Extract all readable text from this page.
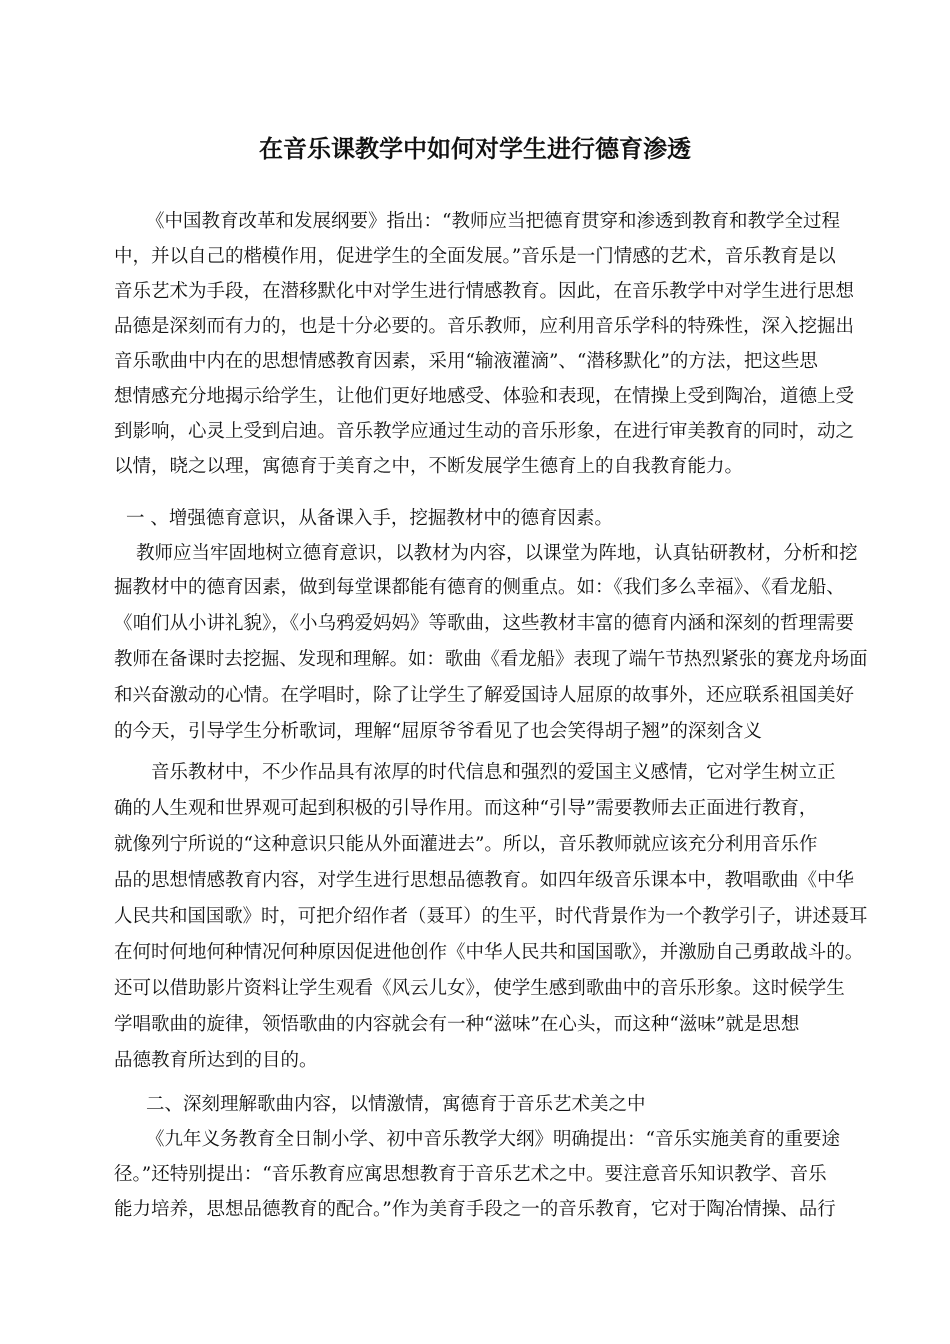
在音乐课教学中如何对学生进行德育渗透
《中国教育改革和发展纲要》指出：“教师应当把德育贯穿和渗透到教育和教学全过程
中，并以自己的楷模作用，促进学生的全面发展。”音乐是一门情感的艺术，音乐教育是以
音乐艺术为手段，在潜移默化中对学生进行情感教育。因此，在音乐教学中对学生进行思想
品德是深刻而有力的，也是十分必要的。音乐教师，应利用音乐学科的特殊性，深入挖掘出
音乐歌曲中内在的思想情感教育因素，采用“输液灌滴”、“潜移默化”的方法，把这些思
想情感充分地揭示给学生，让他们更好地感受、体验和表现，在情操上受到陶冶，道德上受
到影响，心灵上受到启迪。音乐教学应通过生动的音乐形象，在进行审美教育的同时，动之
以情，晓之以理，寓德育于美育之中，不断发展学生德育上的自我教育能力。
一 、增强德育意识，从备课入手，挖掘教材中的德育因素。
教师应当牢固地树立德育意识，以教材为内容，以课堂为阵地，认真钻研教材，分析和挖
掘教材中的德育因素，做到每堂课都能有德育的侧重点。如：《我们多么幸福》、《看龙船、
《咱们从小讲礼貌》，《小乌鸦爱妈妈》等歌曲，这些教材丰富的德育内涵和深刻的哲理需要
教师在备课时去挖掘、发现和理解。如：歌曲《看龙船》表现了端午节热烈紧张的赛龙舟场面
和兴奋激动的心情。在学唱时，除了让学生了解爱国诗人屈原的故事外，还应联系祖国美好
的今天，引导学生分析歌词，理解“屈原爷爷看见了也会笑得胡子翘”的深刻含义
音乐教材中，不少作品具有浓厚的时代信息和强烈的爱国主义感情，它对学生树立正
确的人生观和世界观可起到积极的引导作用。而这种“引导”需要教师去正面进行教育，
就像列宁所说的“这种意识只能从外面灌进去”。所以，音乐教师就应该充分利用音乐作
品的思想情感教育内容，对学生进行思想品德教育。如四年级音乐课本中，教唱歌曲《中华
人民共和国国歌》时，可把介绍作者（聂耳）的生平，时代背景作为一个教学引子，讲述聂耳
在何时何地何种情况何种原因促进他创作《中华人民共和国国歌》，并激励自己勇敢战斗的。
还可以借助影片资料让学生观看《风云儿女》，使学生感到歌曲中的音乐形象。这时候学生
学唱歌曲的旋律，领悟歌曲的内容就会有一种“滋味”在心头，而这种“滋味”就是思想
品德教育所达到的目的。
二、深刻理解歌曲内容，以情激情，寓德育于音乐艺术美之中
《九年义务教育全日制小学、初中音乐教学大纲》明确提出：“音乐实施美育的重要途
径。”还特别提出：“音乐教育应寓思想教育于音乐艺术之中。要注意音乐知识教学、音乐
能力培养，思想品德教育的配合。”作为美育手段之一的音乐教育，它对于陶冶情操、品行
